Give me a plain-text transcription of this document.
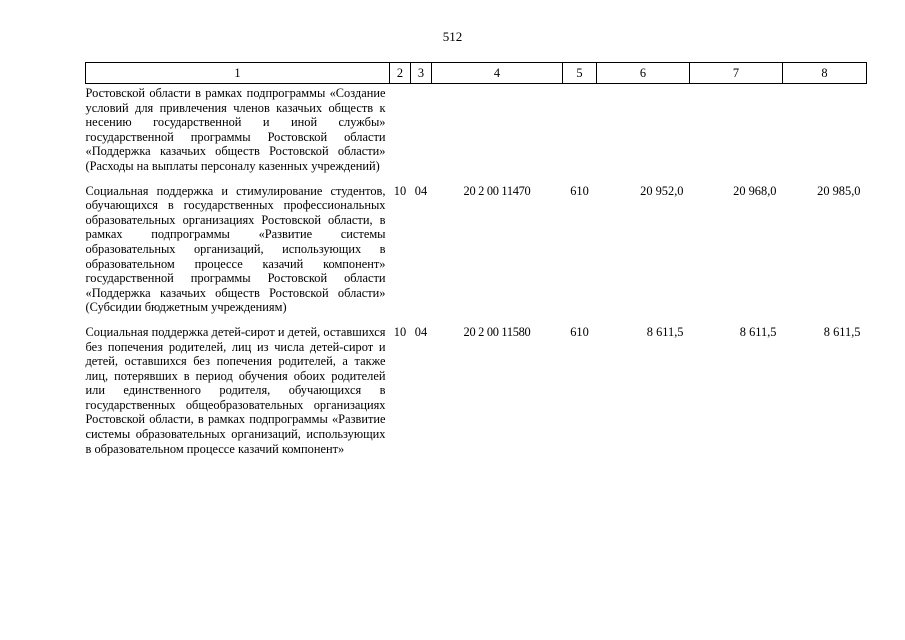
512
1	2	3	4	5	6	7	8
Ростовской области в рамках подпрограммы «Создание условий для привлечения членов казачьих обществ к несению государственной и иной службы» государственной программы Ростовской области «Поддержка казачьих обществ Ростовской области» (Расходы на выплаты персоналу казенных учреждений)							

Социальная поддержка и стимулирование студентов, обучающихся в государственных профессиональных образовательных организациях Ростовской области, в рамках подпрограммы «Развитие системы образовательных организаций, использующих в образовательном процессе казачий компонент» государственной программы Ростовской области «Поддержка казачьих обществ Ростовской области» (Субсидии бюджетным учреждениям)	10	04	20 2 00 11470	610	20 952,0	20 968,0	20 985,0

Социальная поддержка детей-сирот и детей, оставшихся без попечения родителей, лиц из числа детей-сирот и детей, оставшихся без попечения родителей, а также лиц, потерявших в период обучения обоих родителей или единственного родителя, обучающихся в государственных общеобразовательных организациях Ростовской области, в рамках подпрограммы «Развитие системы образовательных организаций, использующих в образовательном процессе казачий компонент»	10	04	20 2 00 11580	610	8 611,5	8 611,5	8 611,5
